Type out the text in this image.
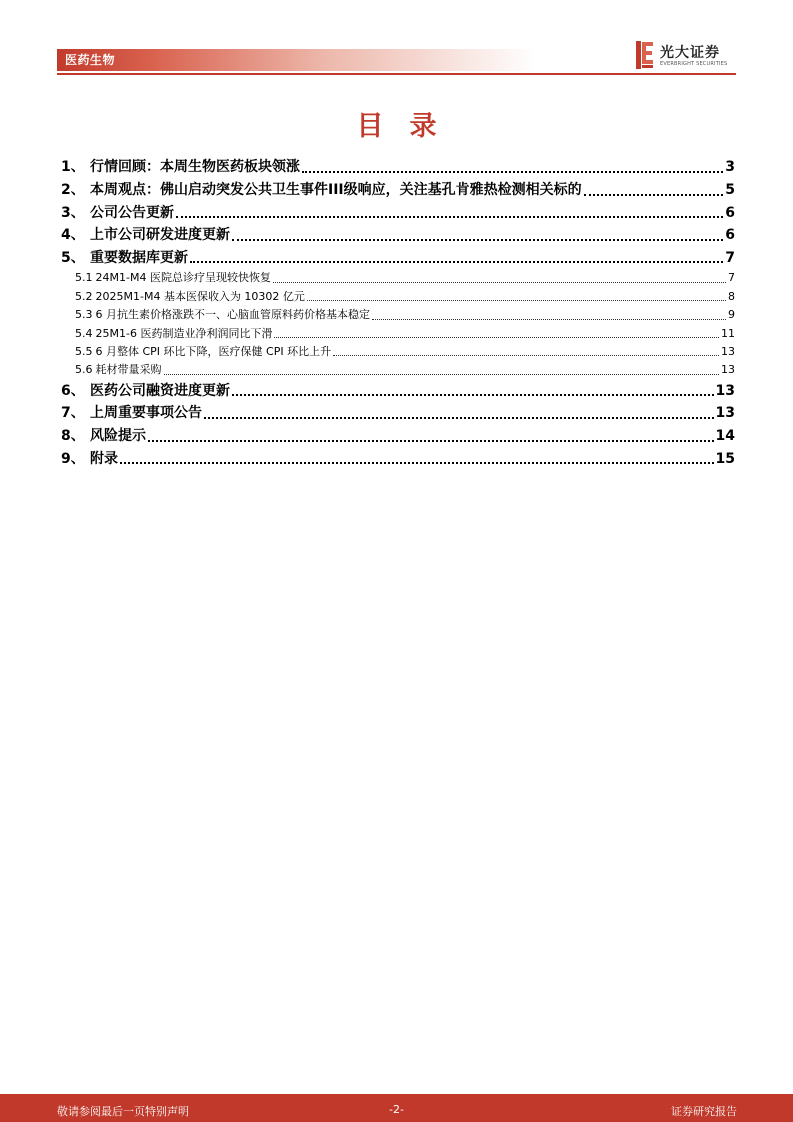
医药生物	光大证券
EVERBRIGHT SECURITIES
目录
1、 行情回顾：本周生物医药板块领涨	3
2、 本周观点：佛山启动突发公共卫生事件III级响应，关注基孔肯雅热检测相关标的	5
3、 公司公告更新	6
4、 上市公司研发进度更新	6
5、 重要数据库更新	7
5.1 24M1-M4 医院总诊疗呈现较快恢复	7
5.2 2025M1-M4 基本医保收入为 10302 亿元	8
5.3 6 月抗生素价格涨跌不一、心脑血管原料药价格基本稳定	9
5.4 25M1-6 医药制造业净利润同比下滑	11
5.5 6 月整体 CPI 环比下降，医疗保健 CPI 环比上升	13
5.6 耗材带量采购	13
6、 医药公司融资进度更新	13
7、 上周重要事项公告	13
8、 风险提示	14
9、 附录	15
敬请参阅最后一页特别声明	-2-	证券研究报告
